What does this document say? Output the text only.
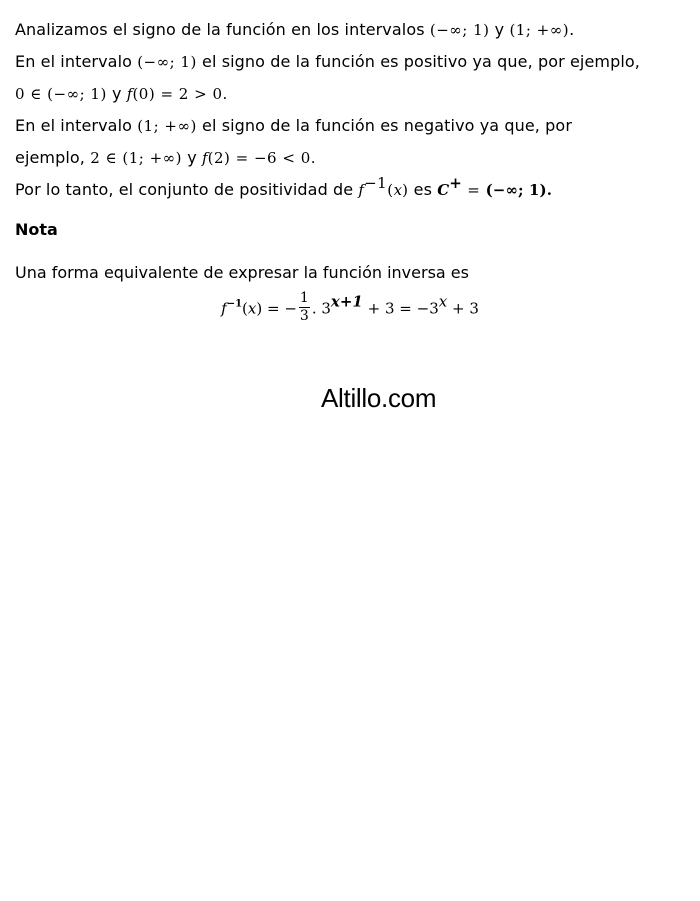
Analizamos el signo de la función en los intervalos (−∞; 1) y (1; +∞).
En el intervalo (−∞; 1) el signo de la función es positivo ya que, por ejemplo,
0 ∈ (−∞; 1) y f(0) = 2 > 0.
En el intervalo (1; +∞) el signo de la función es negativo ya que, por
ejemplo, 2 ∈ (1; +∞) y f(2) = −6 < 0.
Por lo tanto, el conjunto de positividad de $f^{-1}(x)$ es C+ = (−∞; 1).
Nota
Una forma equivalente de expresar la función inversa es
$f^{-1}(x)$ = − $\frac{1}{3}$ . $3^{x+1} + 3 = -3^x + 3$
Altillo.com
